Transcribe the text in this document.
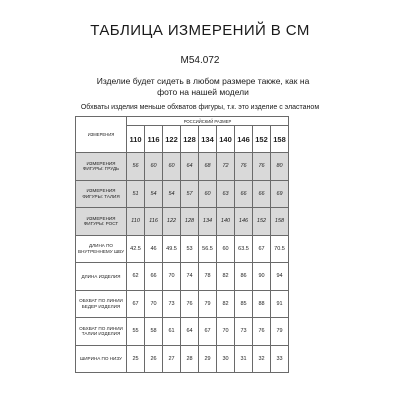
ТАБЛИЦА ИЗМЕРЕНИЙ В СМ
М54.072
Изделие будет сидеть в любом размере также, как на фото на нашей модели
Обхваты изделия меньше обхватов фигуры, т.к. это изделие с эластаном
ИЗМЕРЕНИЯ	РОССИЙСКИЙ РАЗМЕР								
	110	116	122	128	134	140	146	152	158
ИЗМЕРЕНИЯ ФИГУРЫ: ГРУДЬ	56	60	60	64	68	72	76	76	80
ИЗМЕРЕНИЯ ФИГУРЫ: ТАЛИЯ	51	54	54	57	60	63	66	66	69
ИЗМЕРЕНИЯ ФИГУРЫ: РОСТ	110	116	122	128	134	140	146	152	158
ДЛИНА ПО ВНУТРЕННЕМУ ШВУ	42.5	46	49.5	53	56.5	60	63.5	67	70.5
ДЛИНА ИЗДЕЛИЯ	62	66	70	74	78	82	86	90	94
ОБХВАТ ПО ЛИНИИ БЕДЕР ИЗДЕЛИЯ	67	70	73	76	79	82	85	88	91
ОБХВАТ ПО ЛИНИИ ТАЛИИ ИЗДЕЛИЯ	55	58	61	64	67	70	73	76	79
ШИРИНА ПО НИЗУ	25	26	27	28	29	30	31	32	33
